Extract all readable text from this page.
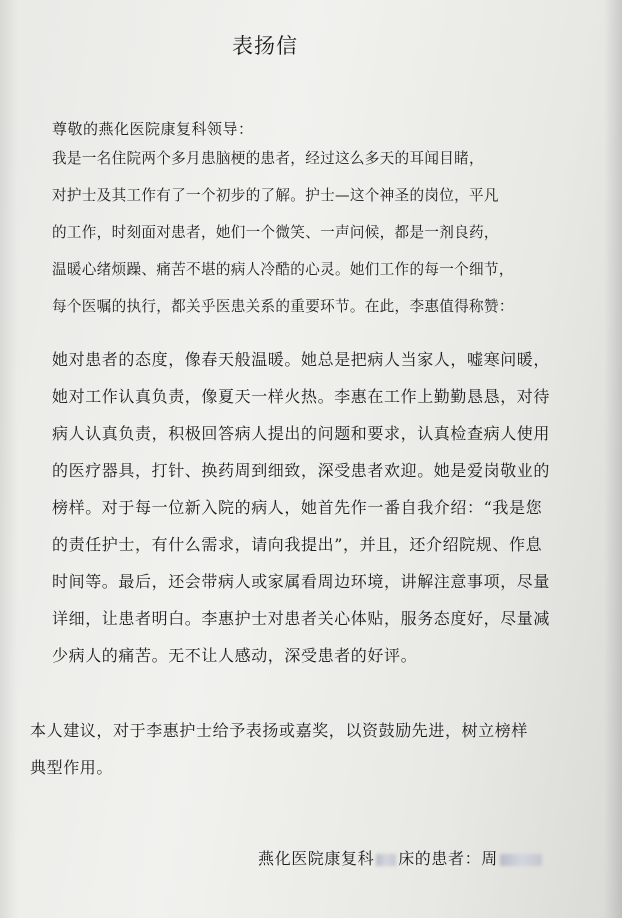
表扬信
尊敬的燕化医院康复科领导：
我是一名住院两个多月患脑梗的患者，经过这么多天的耳闻目睹，
对护士及其工作有了一个初步的了解。护士—这个神圣的岗位，平凡
的工作，时刻面对患者，她们一个微笑、一声问候，都是一剂良药，
温暖心绪烦躁、痛苦不堪的病人冷酷的心灵。她们工作的每一个细节，
每个医嘱的执行，都关乎医患关系的重要环节。在此，李惠值得称赞：
她对患者的态度，像春天般温暖。她总是把病人当家人，嘘寒问暖，
她对工作认真负责，像夏天一样火热。李惠在工作上勤勤恳恳，对待
病人认真负责，积极回答病人提出的问题和要求，认真检查病人使用
的医疗器具，打针、换药周到细致，深受患者欢迎。她是爱岗敬业的
榜样。对于每一位新入院的病人，她首先作一番自我介绍：“我是您
的责任护士，有什么需求，请向我提出”，并且，还介绍院规、作息
时间等。最后，还会带病人或家属看周边环境，讲解注意事项，尽量
详细，让患者明白。李惠护士对患者关心体贴，服务态度好，尽量减
少病人的痛苦。无不让人感动，深受患者的好评。
本人建议，对于李惠护士给予表扬或嘉奖，以资鼓励先进，树立榜样
典型作用。
燕化医院康复科 床的患者：周
